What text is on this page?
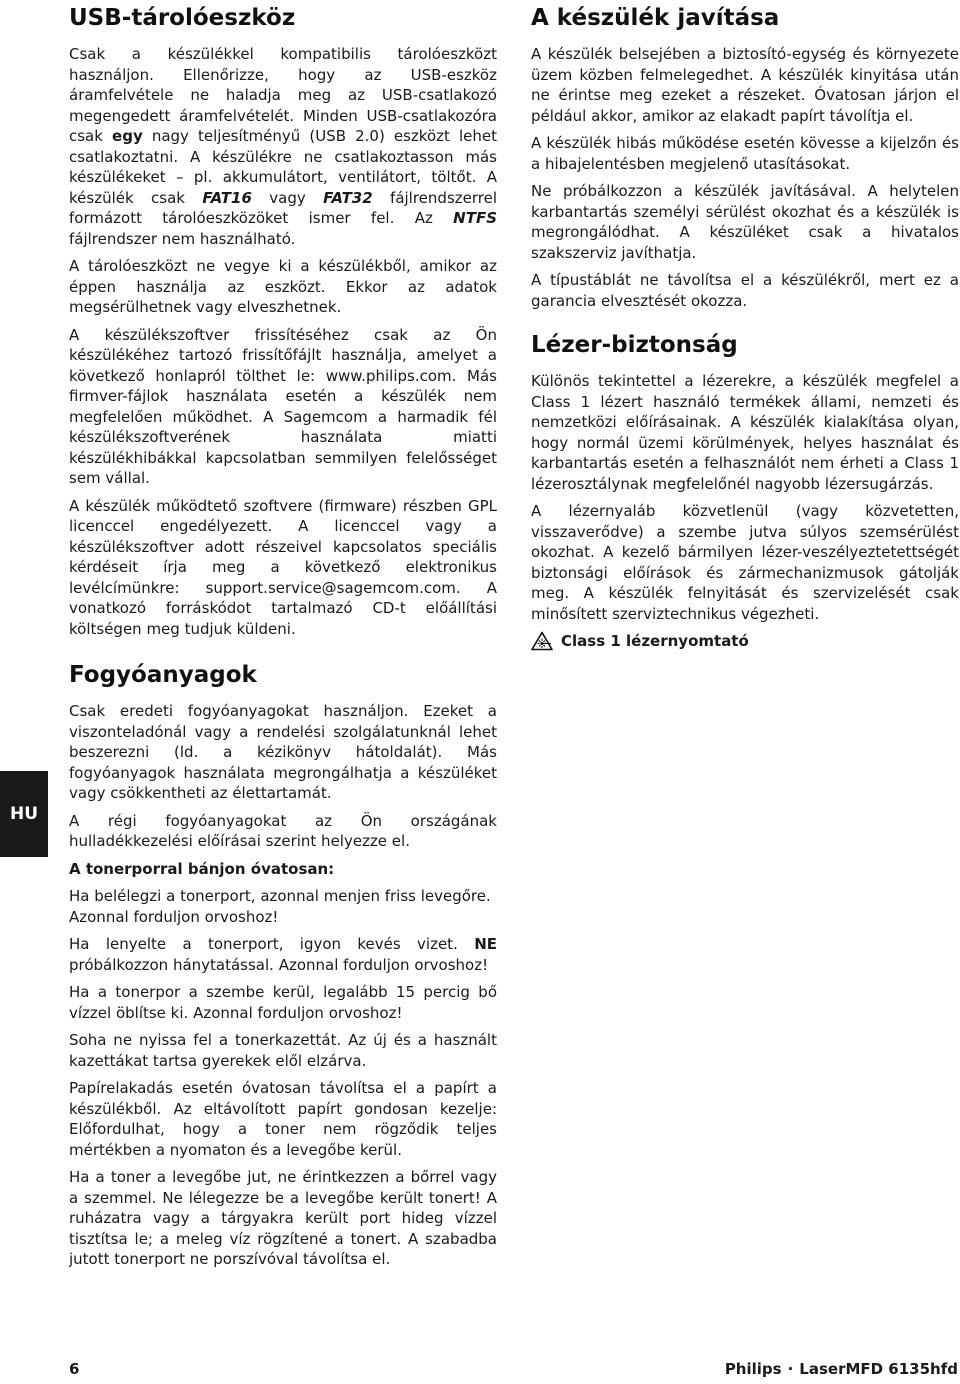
USB-tárolóeszköz

Csak a készülékkel kompatibilis tárolóeszközt használjon. Ellenőrizze, hogy az USB-eszköz áramfelvétele ne haladja meg az USB-csatlakozó megengedett áramfelvételét. Minden USB-csatlakozóra csak egy nagy teljesítményű (USB 2.0) eszközt lehet csatlakoztatni. A készülékre ne csatlakoztasson más készülékeket – pl. akkumulátort, ventilátort, töltőt. A készülék csak FAT16 vagy FAT32 fájlrendszerrel formázott tárolóeszközöket ismer fel. Az NTFS fájlrendszer nem használható.

A tárolóeszközt ne vegye ki a készülékből, amikor az éppen használja az eszközt. Ekkor az adatok megsérülhetnek vagy elveszhetnek.

A készülékszoftver frissítéséhez csak az Ön készülékéhez tartozó frissítőfájlt használja, amelyet a következő honlapról tölthet le: www.philips.com. Más firmver-fájlok használata esetén a készülék nem megfelelően működhet. A Sagemcom a harmadik fél készülékszoftverének használata miatti készülékhibákkal kapcsolatban semmilyen felelősséget sem vállal.

A készülék működtető szoftvere (firmware) részben GPL licenccel engedélyezett. A licenccel vagy a készülékszoftver adott részeivel kapcsolatos speciális kérdéseit írja meg a következő elektronikus levélcímünkre: support.service@sagemcom.com. A vonatkozó forráskódot tartalmazó CD-t előállítási költségen meg tudjuk küldeni.

Fogyóanyagok

Csak eredeti fogyóanyagokat használjon. Ezeket a viszonteladónál vagy a rendelési szolgálatunknál lehet beszerezni (ld. a kézikönyv hátoldalát). Más fogyóanyagok használata megrongálhatja a készüléket vagy csökkentheti az élettartamát.

A régi fogyóanyagokat az Ön országának hulladékkezelési előírásai szerint helyezze el.

A tonerporral bánjon óvatosan:

Ha belélegzi a tonerport, azonnal menjen friss levegőre. Azonnal forduljon orvoshoz!

Ha lenyelte a tonerport, igyon kevés vizet. NE próbálkozzon hánytatással. Azonnal forduljon orvoshoz!

Ha a tonerpor a szembe kerül, legalább 15 percig bő vízzel öblítse ki. Azonnal forduljon orvoshoz!

Soha ne nyissa fel a tonerkazettát. Az új és a használt kazettákat tartsa gyerekek elől elzárva.

Papírelakadás esetén óvatosan távolítsa el a papírt a készülékből. Az eltávolított papírt gondosan kezelje: Előfordulhat, hogy a toner nem rögződik teljes mértékben a nyomaton és a levegőbe kerül.

Ha a toner a levegőbe jut, ne érintkezzen a bőrrel vagy a szemmel. Ne lélegezze be a levegőbe került tonert! A ruházatra vagy a tárgyakra került port hideg vízzel tisztítsa le; a meleg víz rögzítené a tonert. A szabadba jutott tonerport ne porszívóval távolítsa el.

A készülék javítása

A készülék belsejében a biztosító-egység és környezete üzem közben felmelegedhet. A készülék kinyitása után ne érintse meg ezeket a részeket. Óvatosan járjon el például akkor, amikor az elakadt papírt távolítja el.

A készülék hibás működése esetén kövesse a kijelzőn és a hibajelentésben megjelenő utasításokat.

Ne próbálkozzon a készülék javításával. A helytelen karbantartás személyi sérülést okozhat és a készülék is megrongálódhat. A készüléket csak a hivatalos szakszerviz javíthatja.

A típustáblát ne távolítsa el a készülékről, mert ez a garancia elvesztését okozza.

Lézer-biztonság

Különös tekintettel a lézerekre, a készülék megfelel a Class 1 lézert használó termékek állami, nemzeti és nemzetközi előírásainak. A készülék kialakítása olyan, hogy normál üzemi körülmények, helyes használat és karbantartás esetén a felhasználót nem érheti a Class 1 lézerosztálynak megfelelőnél nagyobb lézersugárzás.

A lézernyaláb közvetlenül (vagy közvetetten, visszaverődve) a szembe jutva súlyos szemsérülést okozhat. A kezelő bármilyen lézer-veszélyeztetettségét biztonsági előírások és zármechanizmusok gátolják meg. A készülék felnyitását és szervizelését csak minősített szerviztechnikus végezheti.

Class 1 lézernyomtató
HU
6	Philips · LaserMFD 6135hfd
